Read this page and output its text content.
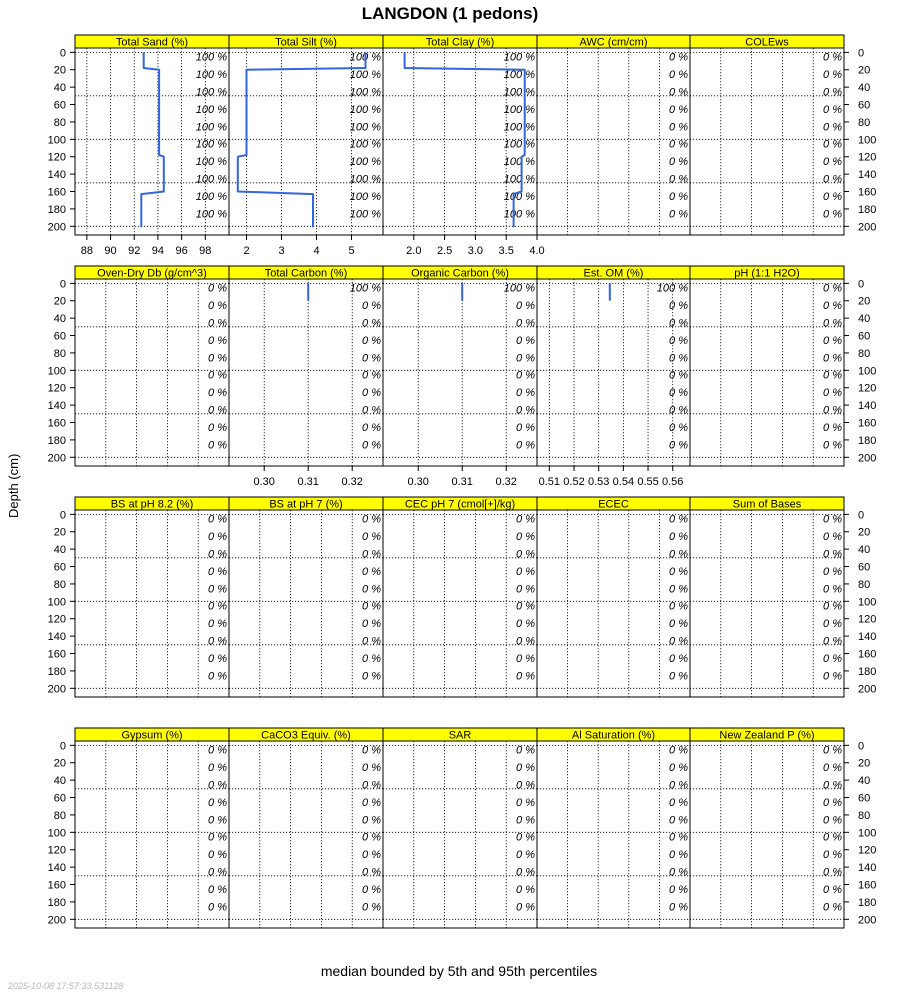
LANGDON (1 pedons)
Depth (cm)
Total Sand (%)
100 %
100 %
100 %
100 %
100 %
100 %
100 %
100 %
100 %
100 %
Total Silt (%)
100 %
100 %
100 %
100 %
100 %
100 %
100 %
100 %
100 %
100 %
Total Clay (%)
100 %
100 %
100 %
100 %
100 %
100 %
100 %
100 %
100 %
100 %
AWC (cm/cm)
0 %
0 %
0 %
0 %
0 %
0 %
0 %
0 %
0 %
0 %
COLEws
0 %
0 %
0 %
0 %
0 %
0 %
0 %
0 %
0 %
0 %
0	0
20	20
40	40
60	60
80	80
100	100
120	120
140	140
160	160
180	180
200	200
88 90 92 94 96 98	2	3	4	5	2.0 2.5 3.0 3.5 4.0
Oven-Dry Db (g/cm^3)
0 %
0 %
0 %
0 %
0 %
0 %
0 %
0 %
0 %
0 %
Total Carbon (%)
100 %
0 %
0 %
0 %
0 %
0 %
0 %
0 %
0 %
0 %
Organic Carbon (%)
100 %
0 %
0 %
0 %
0 %
0 %
0 %
0 %
0 %
0 %
Est. OM (%)
100 %
0 %
0 %
0 %
0 %
0 %
0 %
0 %
0 %
0 %
pH (1:1 H2O)
0 %
0 %
0 %
0 %
0 %
0 %
0 %
0 %
0 %
0 %
0	0
20	20
40	40
60	60
80	80
100	100
120	120
140	140
160	160
180	180
200	200
0.30 0.31 0.32	0.30 0.31 0.32 0.51 0.52 0.53 0.54 0.55 0.56
BS at pH 8.2 (%)
0 %
0 %
0 %
0 %
0 %
0 %
0 %
0 %
0 %
0 %
BS at pH 7 (%)
0 %
0 %
0 %
0 %
0 %
0 %
0 %
0 %
0 %
0 %
CEC pH 7 (cmol[+]/kg)
0 %
0 %
0 %
0 %
0 %
0 %
0 %
0 %
0 %
0 %
ECEC
0 %
0 %
0 %
0 %
0 %
0 %
0 %
0 %
0 %
0 %
Sum of Bases
0 %
0 %
0 %
0 %
0 %
0 %
0 %
0 %
0 %
0 %
0	0
20	20
40	40
60	60
80	80
100	100
120	120
140	140
160	160
180	180
200	200
Gypsum (%)
0 %
0 %
0 %
0 %
0 %
0 %
0 %
0 %
0 %
0 %
CaCO3 Equiv. (%)
0 %
0 %
0 %
0 %
0 %
0 %
0 %
0 %
0 %
0 %
SAR
0 %
0 %
0 %
0 %
0 %
0 %
0 %
0 %
0 %
0 %
Al Saturation (%)
0 %
0 %
0 %
0 %
0 %
0 %
0 %
0 %
0 %
0 %
New Zealand P (%)
0 %
0 %
0 %
0 %
0 %
0 %
0 %
0 %
0 %
0 %
0	0
20	20
40	40
60	60
80	80
100	100
120	120
140	140
160	160
180	180
200	200
median bounded by 5th and 95th percentiles
2025-10-08 17:57:33.531128
